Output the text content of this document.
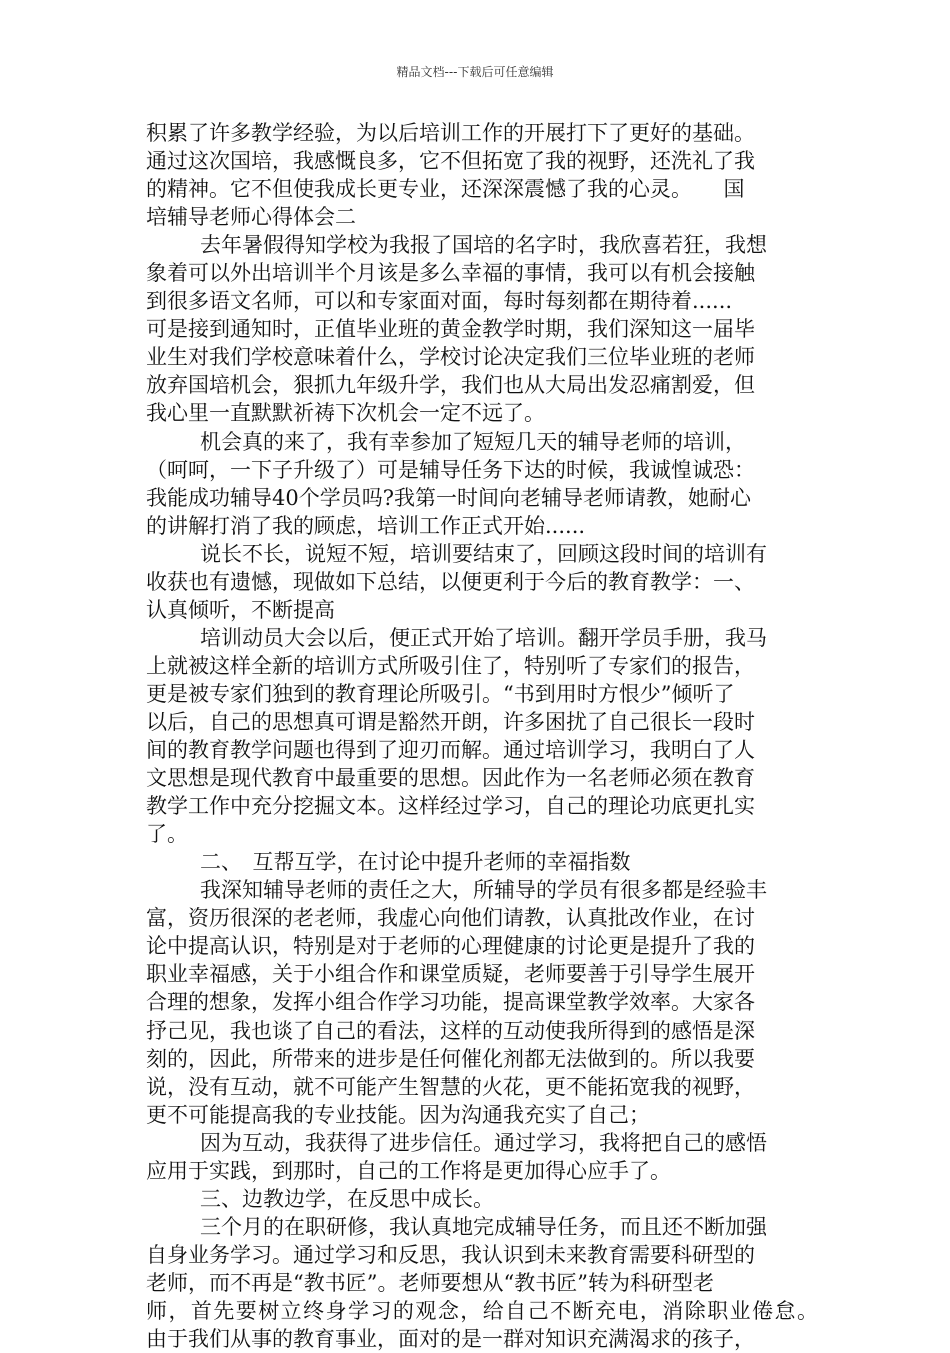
精品文档---下载后可任意编辑
积累了许多教学经验，为以后培训工作的开展打下了更好的基础。
通过这次国培，我感慨良多，它不但拓宽了我的视野，还洗礼了我
的精神。它不但使我成长更专业，还深深震憾了我的心灵。　　国
培辅导老师心得体会二
去年暑假得知学校为我报了国培的名字时，我欣喜若狂，我想
象着可以外出培训半个月该是多么幸福的事情，我可以有机会接触
到很多语文名师，可以和专家面对面，每时每刻都在期待着......
可是接到通知时，正值毕业班的黄金教学时期，我们深知这一届毕
业生对我们学校意味着什么，学校讨论决定我们三位毕业班的老师
放弃国培机会，狠抓九年级升学，我们也从大局出发忍痛割爱，但
我心里一直默默祈祷下次机会一定不远了。
机会真的来了，我有幸参加了短短几天的辅导老师的培训，
（呵呵，一下子升级了）可是辅导任务下达的时候，我诚惶诚恐：
我能成功辅导40个学员吗?我第一时间向老辅导老师请教，她耐心
的讲解打消了我的顾虑，培训工作正式开始......
说长不长，说短不短，培训要结束了，回顾这段时间的培训有
收获也有遗憾，现做如下总结，以便更利于今后的教育教学：一、
认真倾听，不断提高
培训动员大会以后，便正式开始了培训。翻开学员手册，我马
上就被这样全新的培训方式所吸引住了，特别听了专家们的报告，
更是被专家们独到的教育理论所吸引。“书到用时方恨少”倾听了
以后，自己的思想真可谓是豁然开朗，许多困扰了自己很长一段时
间的教育教学问题也得到了迎刃而解。通过培训学习，我明白了人
文思想是现代教育中最重要的思想。因此作为一名老师必须在教育
教学工作中充分挖掘文本。这样经过学习，自己的理论功底更扎实
了。
二、　互帮互学，在讨论中提升老师的幸福指数
我深知辅导老师的责任之大，所辅导的学员有很多都是经验丰
富，资历很深的老老师，我虚心向他们请教，认真批改作业，在讨
论中提高认识，特别是对于老师的心理健康的讨论更是提升了我的
职业幸福感，关于小组合作和课堂质疑，老师要善于引导学生展开
合理的想象，发挥小组合作学习功能，提高课堂教学效率。大家各
抒己见，我也谈了自己的看法，这样的互动使我所得到的感悟是深
刻的，因此，所带来的进步是任何催化剂都无法做到的。所以我要
说，没有互动，就不可能产生智慧的火花，更不能拓宽我的视野，
更不可能提高我的专业技能。因为沟通我充实了自己；
因为互动，我获得了进步信任。通过学习，我将把自己的感悟
应用于实践，到那时，自己的工作将是更加得心应手了。
三、边教边学，在反思中成长。
三个月的在职研修，我认真地完成辅导任务，而且还不断加强
自身业务学习。通过学习和反思，我认识到未来教育需要科研型的
老师，而不再是“教书匠”。老师要想从“教书匠”转为科研型老
师，首先要树立终身学习的观念，给自己不断充电，消除职业倦怠。
由于我们从事的教育事业，面对的是一群对知识充满渴求的孩子，
